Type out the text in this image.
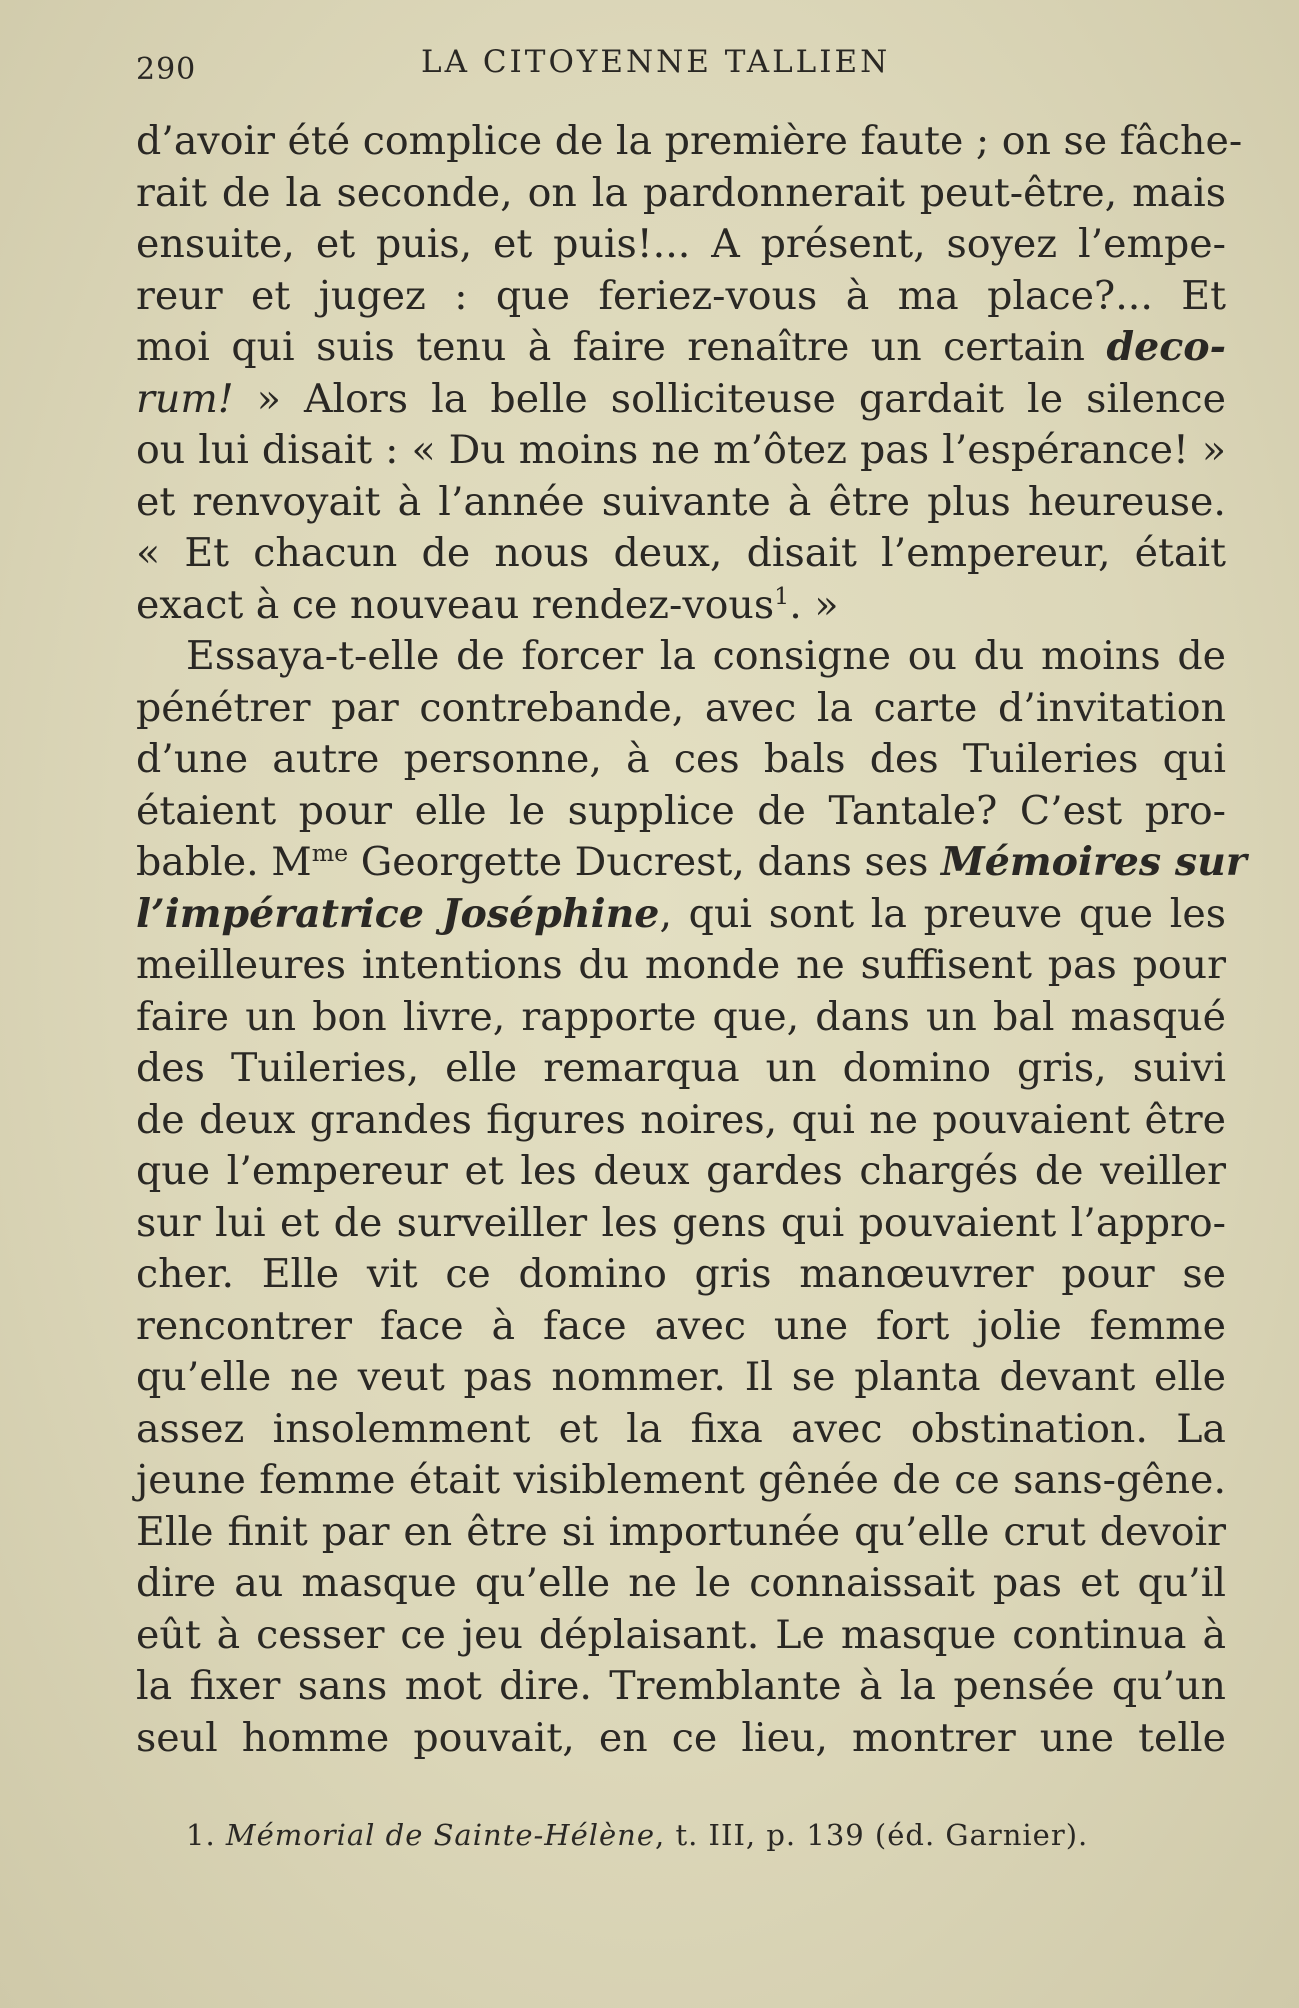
290	LA CITOYENNE TALLIEN
d’avoir été complice de la première faute ; on se fâche-
rait de la seconde, on la pardonnerait peut-être, mais
ensuite, et puis, et puis!... A présent, soyez l’empe-
reur et jugez : que feriez-vous à ma place?... Et
moi qui suis tenu à faire renaître un certain deco-
rum! » Alors la belle solliciteuse gardait le silence
ou lui disait : « Du moins ne m’ôtez pas l’espérance! »
et renvoyait à l’année suivante à être plus heureuse.
« Et chacun de nous deux, disait l’empereur, était
exact à ce nouveau rendez-vous$^1$. »
Essaya-t-elle de forcer la consigne ou du moins de
pénétrer par contrebande, avec la carte d’invitation
d’une autre personne, à ces bals des Tuileries qui
étaient pour elle le supplice de Tantale? C’est pro-
bable. $M^{me}$ Georgette Ducrest, dans ses Mémoires sur
l’impératrice Joséphine, qui sont la preuve que les
meilleures intentions du monde ne suffisent pas pour
faire un bon livre, rapporte que, dans un bal masqué
des Tuileries, elle remarqua un domino gris, suivi
de deux grandes figures noires, qui ne pouvaient être
que l’empereur et les deux gardes chargés de veiller
sur lui et de surveiller les gens qui pouvaient l’appro-
cher. Elle vit ce domino gris manœuvrer pour se
rencontrer face à face avec une fort jolie femme
qu’elle ne veut pas nommer. Il se planta devant elle
assez insolemment et la fixa avec obstination. La
jeune femme était visiblement gênée de ce sans-gêne.
Elle finit par en être si importunée qu’elle crut devoir
dire au masque qu’elle ne le connaissait pas et qu’il
eût à cesser ce jeu déplaisant. Le masque continua à
la fixer sans mot dire. Tremblante à la pensée qu’un
seul homme pouvait, en ce lieu, montrer une telle
1. Mémorial de Sainte-Hélène, t. III, p. 139 (éd. Garnier).
